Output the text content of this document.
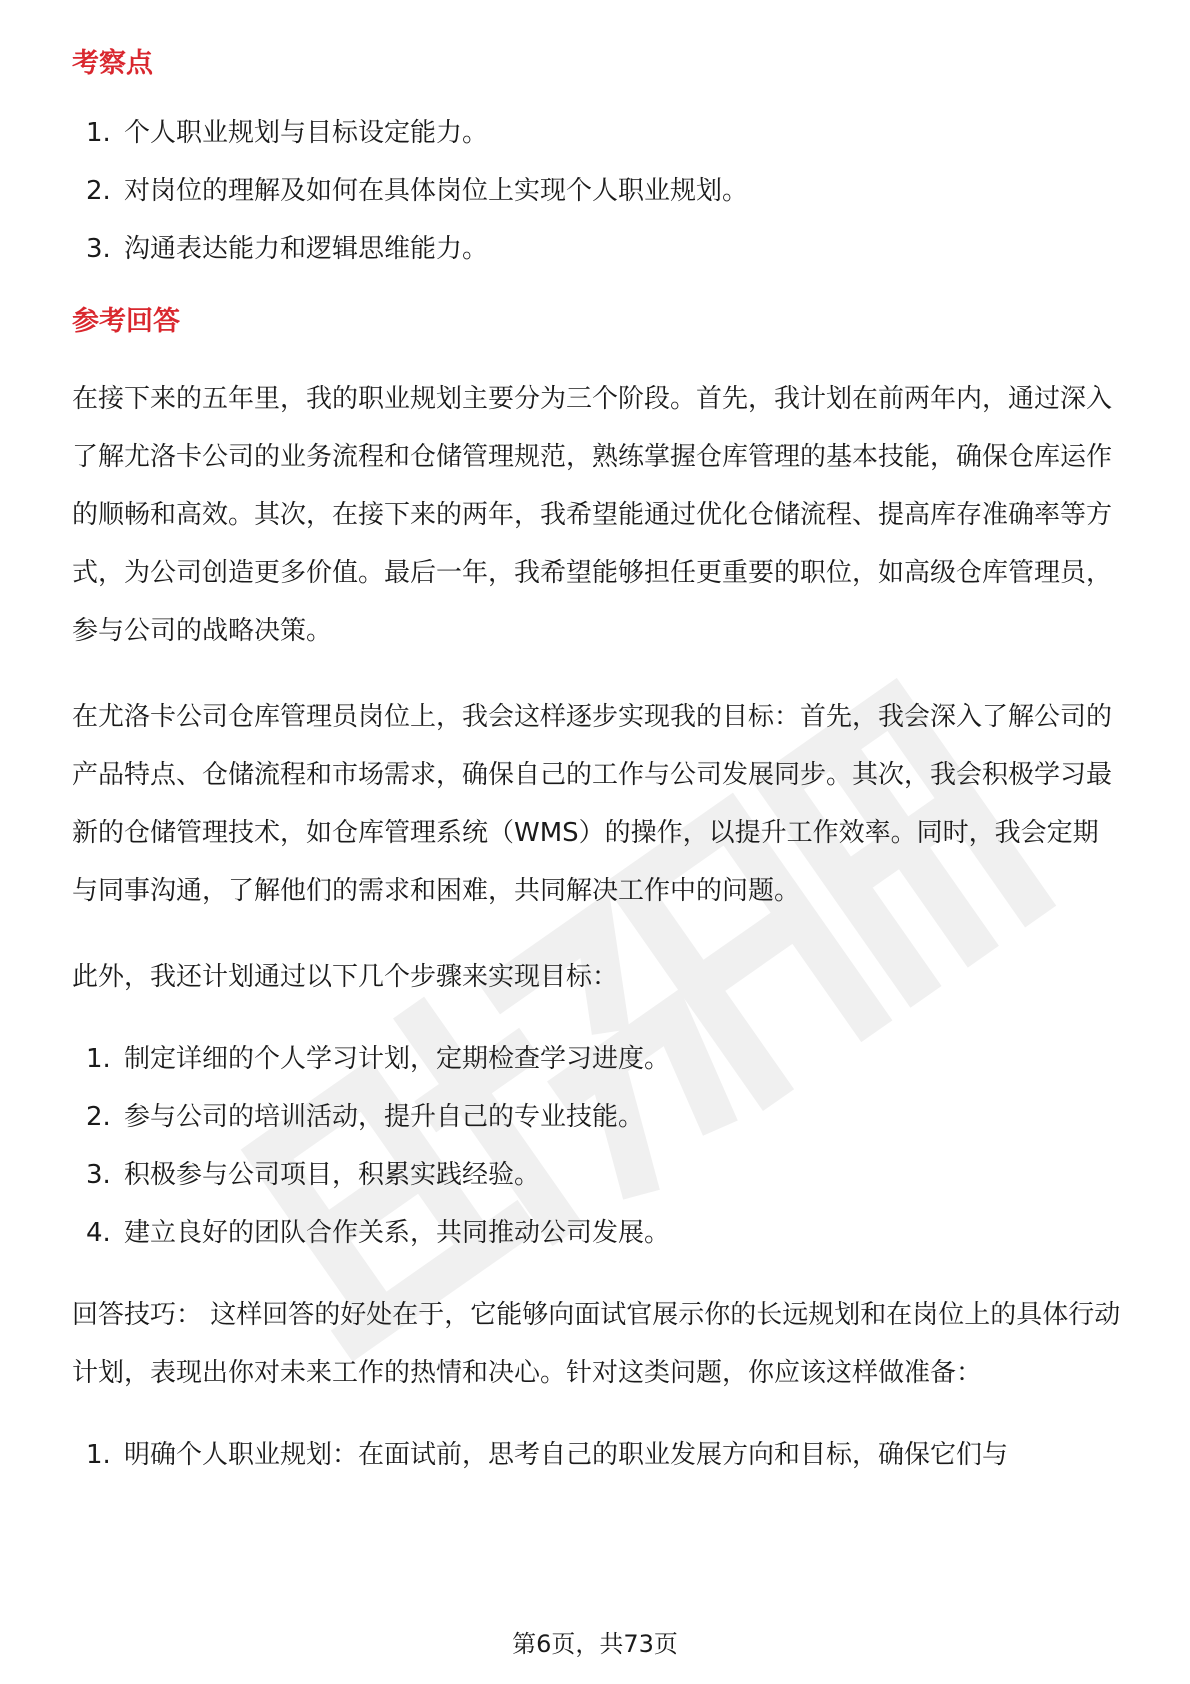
考察点
1. 个人职业规划与目标设定能力。
2. 对岗位的理解及如何在具体岗位上实现个人职业规划。
3. 沟通表达能力和逻辑思维能力。
参考回答

在接下来的五年里，我的职业规划主要分为三个阶段。首先，我计划在前两年内，通过深入了解尤洛卡公司的业务流程和仓储管理规范，熟练掌握仓库管理的基本技能，确保仓库运作的顺畅和高效。其次，在接下来的两年，我希望能通过优化仓储流程、提高库存准确率等方式，为公司创造更多价值。最后一年，我希望能够担任更重要的职位，如高级仓库管理员，参与公司的战略决策。

在尤洛卡公司仓库管理员岗位上，我会这样逐步实现我的目标：首先，我会深入了解公司的产品特点、仓储流程和市场需求，确保自己的工作与公司发展同步。其次，我会积极学习最新的仓储管理技术，如仓库管理系统（WMS）的操作，以提升工作效率。同时，我会定期与同事沟通，了解他们的需求和困难，共同解决工作中的问题。

此外，我还计划通过以下几个步骤来实现目标：

1. 制定详细的个人学习计划，定期检查学习进度。
2. 参与公司的培训活动，提升自己的专业技能。
3. 积极参与公司项目，积累实践经验。
4. 建立良好的团队合作关系，共同推动公司发展。

回答技巧： 这样回答的好处在于，它能够向面试官展示你的长远规划和在岗位上的具体行动计划，表现出你对未来工作的热情和决心。针对这类问题，你应该这样做准备：

1. 明确个人职业规划：在面试前，思考自己的职业发展方向和目标，确保它们与
第6页，共73页
